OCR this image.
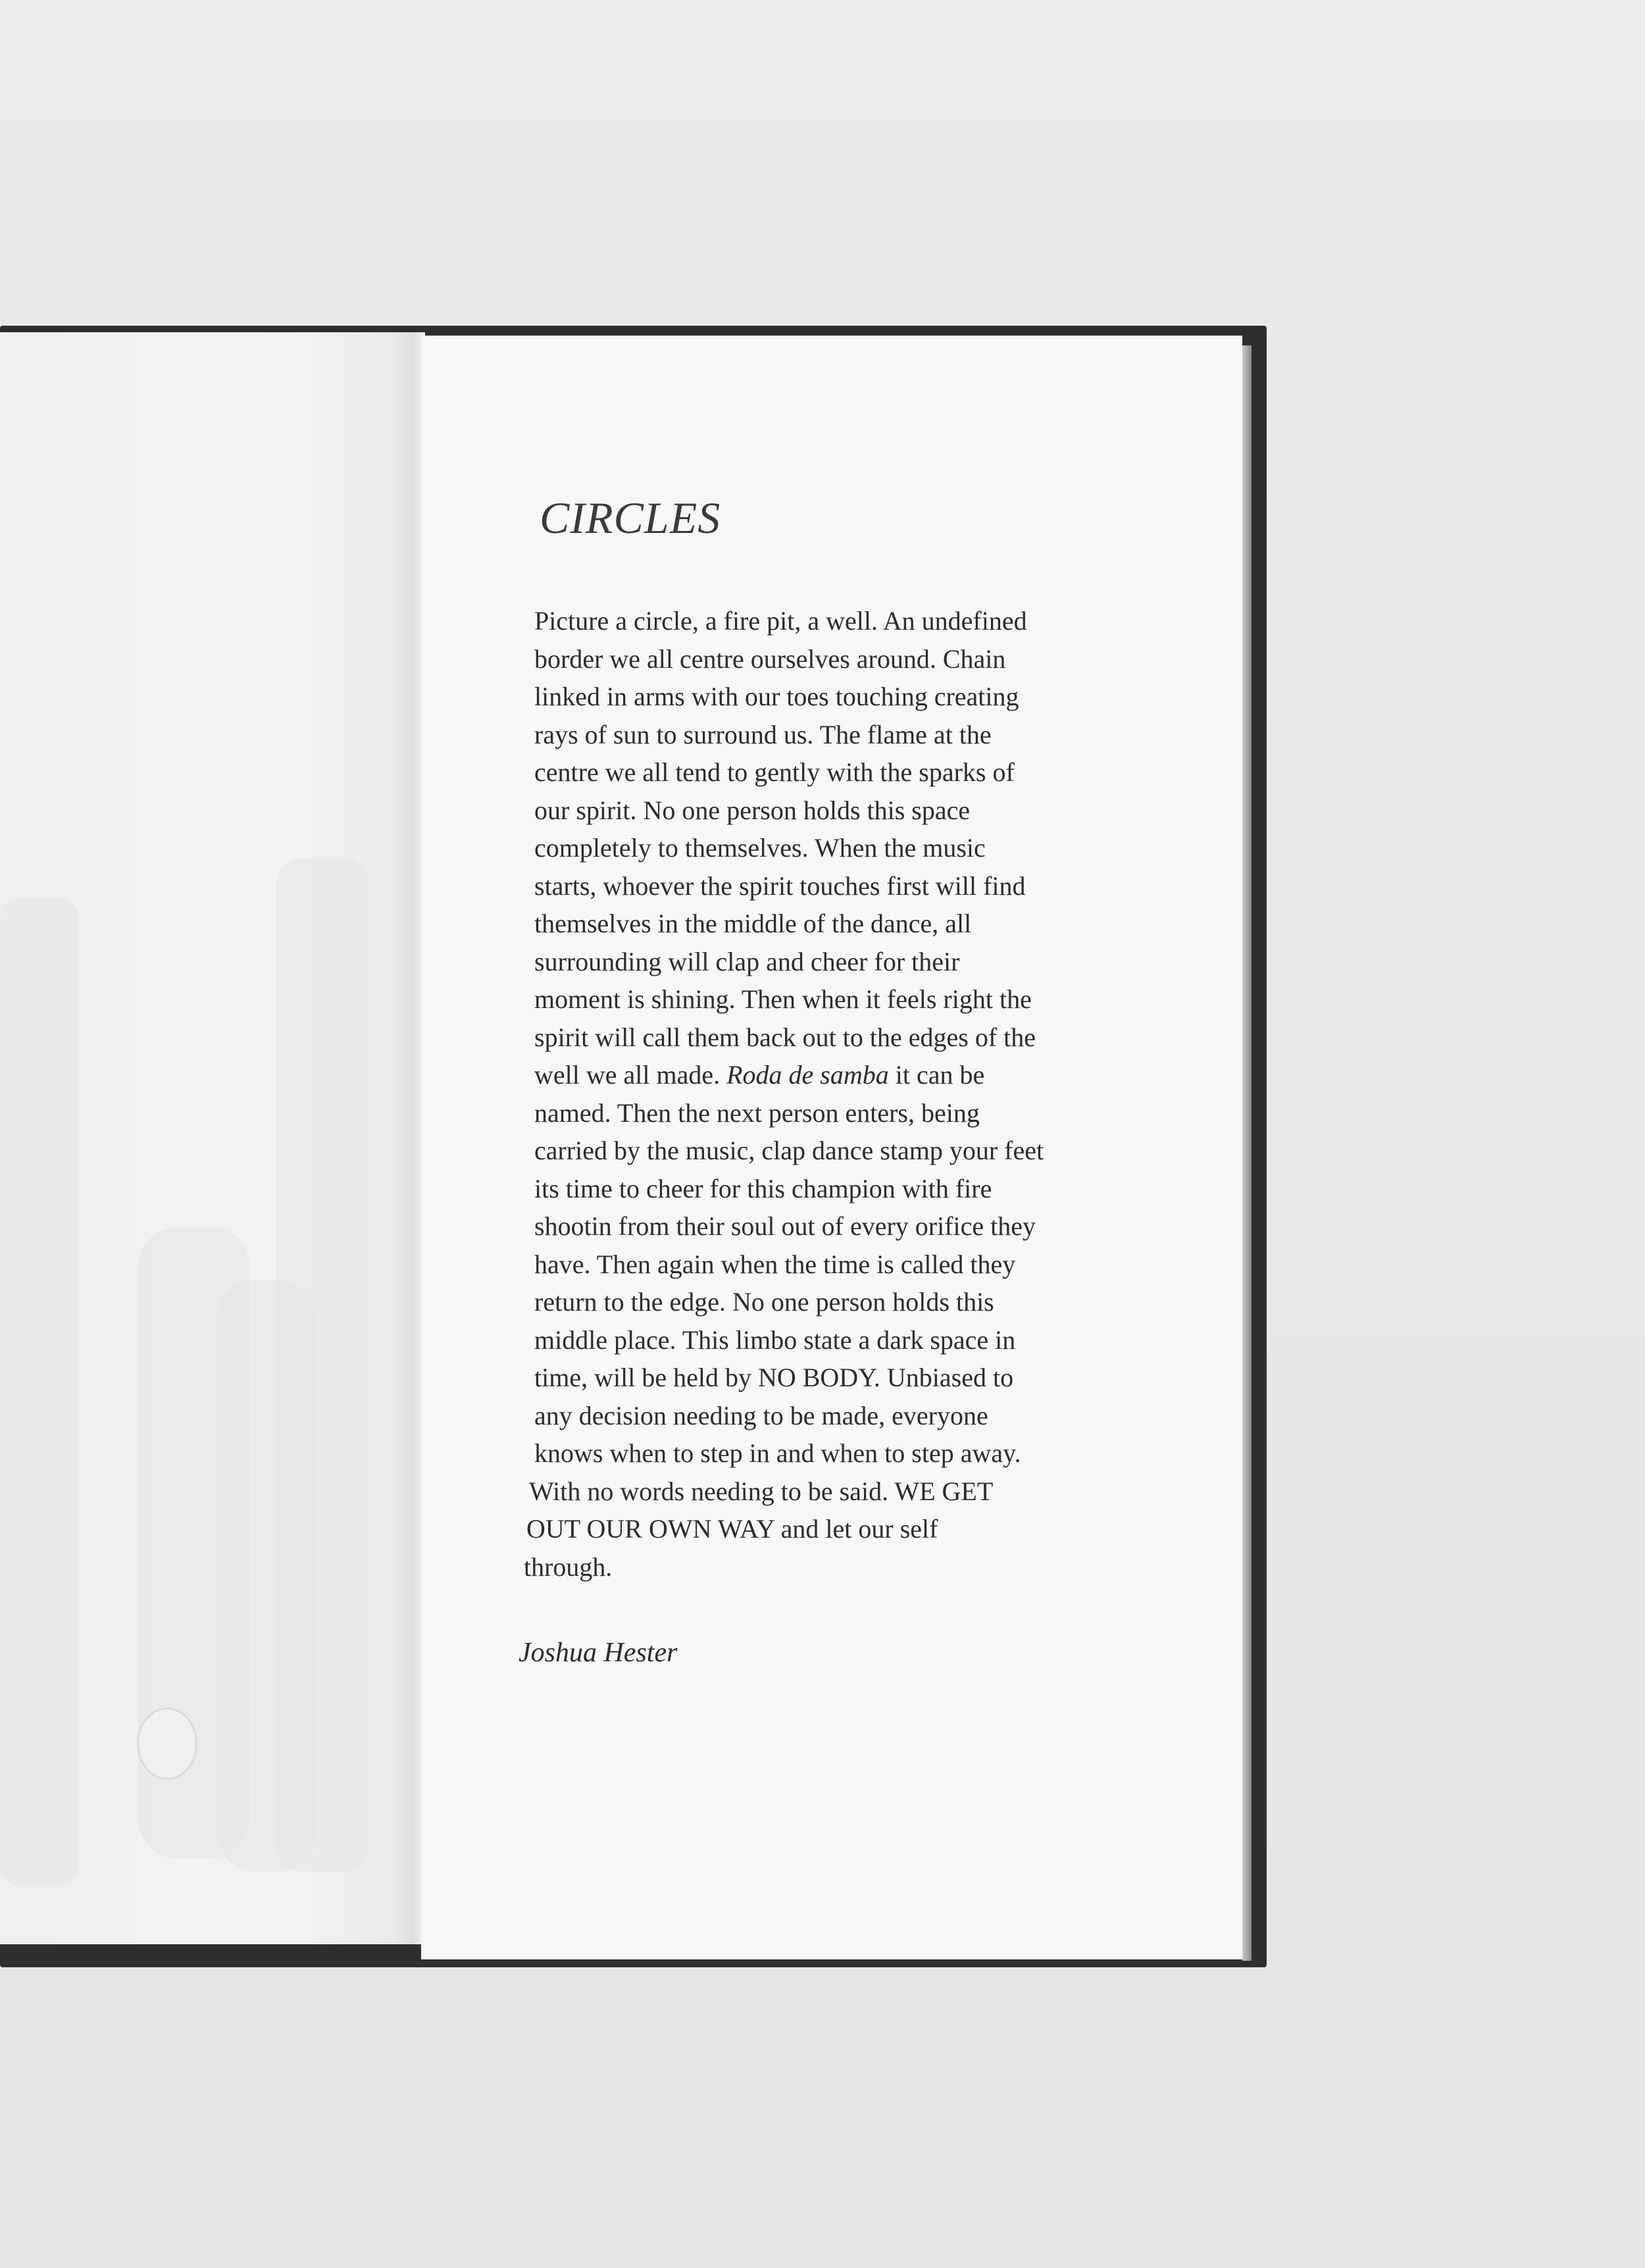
CIRCLES
Picture a circle, a fire pit, a well. An undefined
border we all centre ourselves around. Chain
linked in arms with our toes touching creating
rays of sun to surround us. The flame at the
centre we all tend to gently with the sparks of
our spirit. No one person holds this space
completely to themselves. When the music
starts, whoever the spirit touches first will find
themselves in the middle of the dance, all
surrounding will clap and cheer for their
moment is shining. Then when it feels right the
spirit will call them back out to the edges of the
well we all made. Roda de samba it can be
named. Then the next person enters, being
carried by the music, clap dance stamp your feet
its time to cheer for this champion with fire
shootin from their soul out of every orifice they
have. Then again when the time is called they
return to the edge. No one person holds this
middle place. This limbo state a dark space in
time, will be held by NO BODY. Unbiased to
any decision needing to be made, everyone
knows when to step in and when to step away.
With no words needing to be said. WE GET
OUT OUR OWN WAY and let our self
through.

Joshua Hester
